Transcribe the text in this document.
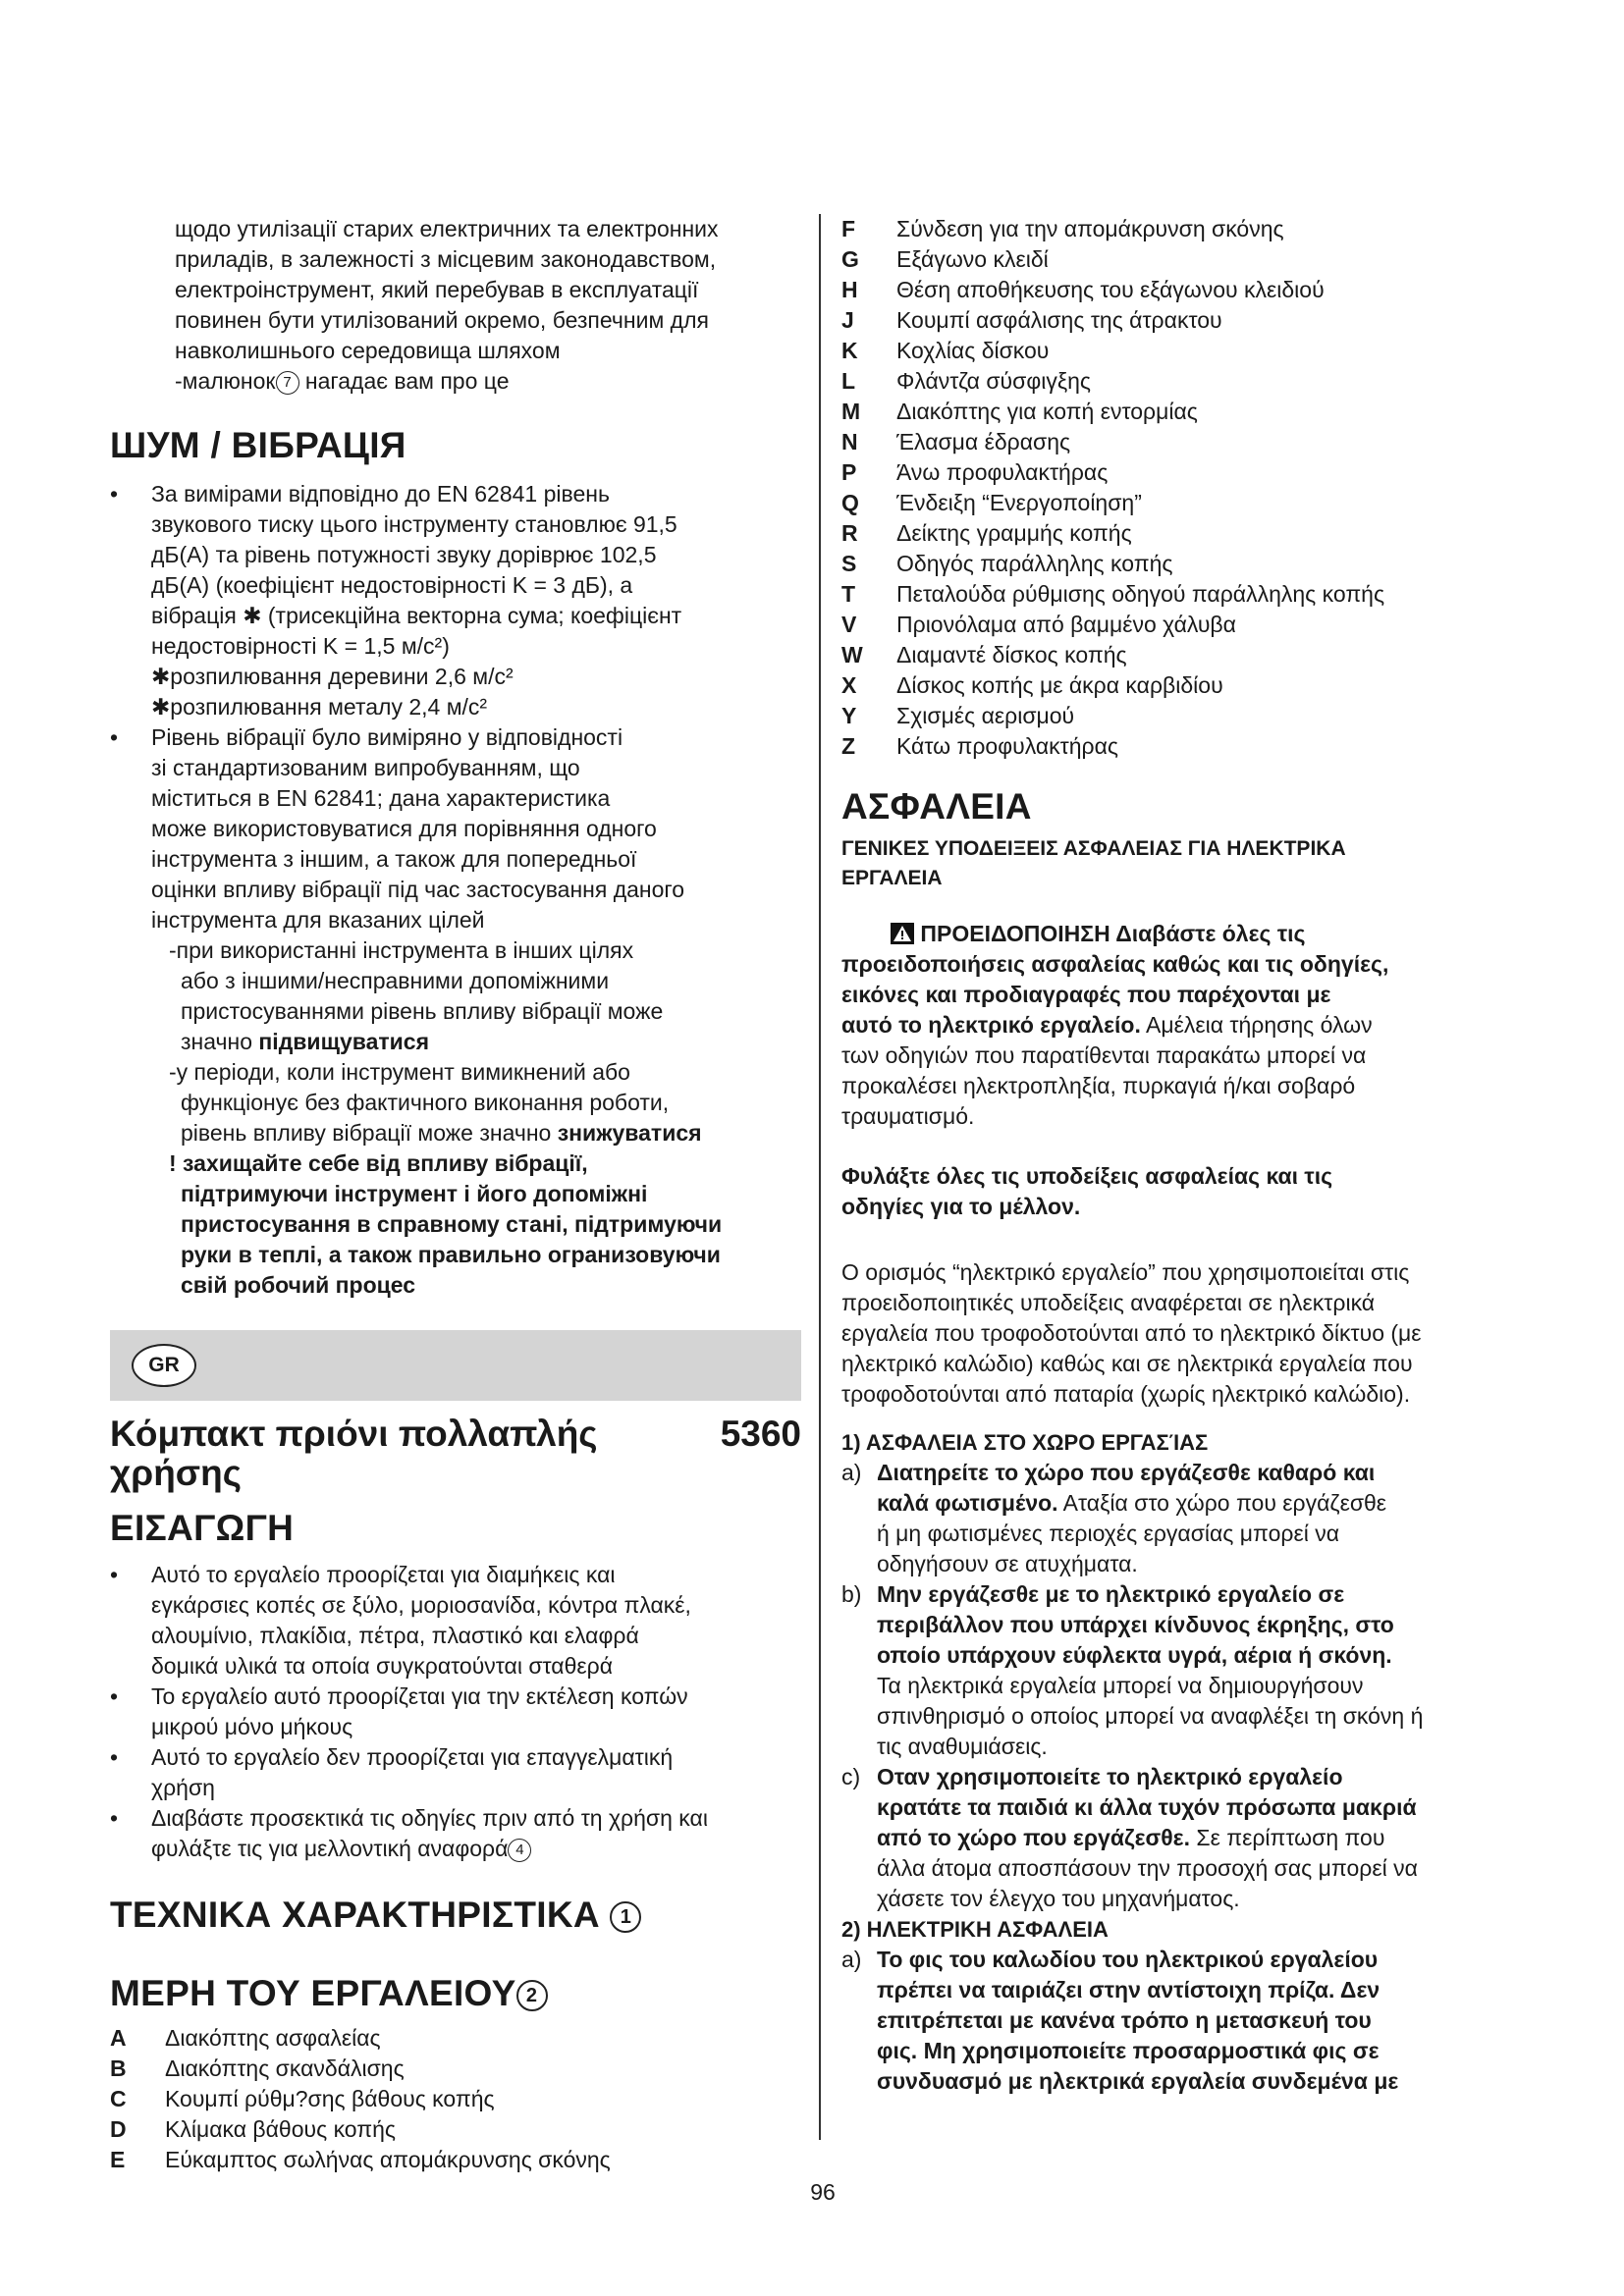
щодо утилізації старих електричних та електронних

приладів, в залежності з місцевим законодавством,

електроінструмент, який перебував в експлуатації

повинен бути утилізований окремо, безпечним для

навколишнього середовища шляхом

-малюнок 7 нагадає вам про це

ШУМ / ВІБРАЦІЯ

• За вимірами відповідно до EN 62841 рівень

звукового тиску цього інструменту становлює 91,5

дБ(A) та рівень потужності звуку доріврює 102,5

дБ(A) (коефіцієнт недостовірності K = 3 дБ), а

вібрація ✱ (трисекційна векторна сума; коефіцієнт

недостовірності K = 1,5 м/с²)

✱розпилювання деревини 2,6 м/с²

✱розпилювання металу 2,4 м/с²

• Рівень вібрації було виміряно у відповідності

зі стандартизованим випробуванням, що

міститься в EN 62841; дана характеристика

може використовуватися для порівняння одного

інструмента з іншим, а також для попередньої

оцінки впливу вібрації під час застосування даного

інструмента для вказаних цілей

-при використанні інструмента в інших цілях

або з іншими/несправними допоміжними

пристосуваннями рівень впливу вібрації може

значно підвищуватися

-у періоди, коли інструмент вимикнений або

функціонує без фактичного виконання роботи,

рівень впливу вібрації може значно знижуватися

! захищайте себе від впливу вібрації,

підтримуючи інструмент і його допоміжні

пристосування в справному стані, підтримуючи

руки в теплі, а також правильно огранизовуючи

свій робочий процес

GR
Κόμπακτ πριόνι πολλαπλής
χρήσης
5360
ΕΙΣΑΓΩΓΗ

• Αυτό το εργαλείο προορίζεται για διαμήκεις και

εγκάρσιες κοπές σε ξύλο, μοριοσανίδα, κόντρα πλακέ,

αλουμίνιο, πλακίδια, πέτρα, πλαστικό και ελαφρά

δομικά υλικά τα οποία συγκρατούνται σταθερά

• Το εργαλείο αυτό προορίζεται για την εκτέλεση κοπών

μικρού μόνο μήκους

• Αυτό το εργαλείο δεν προορίζεται για επαγγελματική

χρήση

• Διαβάστε προσεκτικά τις οδηγίες πριν από τη χρήση και

φυλάξτε τις για μελλοντική αναφορά 4

ΤΕΧΝΙΚΑ ΧΑΡΑΚΤΗΡΙΣΤΙΚΑ 1
ΜΕΡΗ ΤΟΥ ΕΡΓΑΛΕΙΟΥ 2
A	Διακόπτης ασφαλείας
B	Διακόπτης σκανδάλισης
C	Κουμπί ρύθμ?σης βάθους κοπής
D	Κλίμακα βάθους κοπής
E	Εύκαμπτος σωλήνας απομάκρυνσης σκόνης
F	Σύνδεση για την απομάκρυνση σκόνης
G	Εξάγωνο κλειδί
H	Θέση αποθήκευσης του εξάγωνου κλειδιού
J	Κουμπί ασφάλισης της άτρακτου
K	Κοχλίας δίσκου
L	Φλάντζα σύσφιγξης
M	Διακόπτης για κοπή εντορμίας
N	Έλασμα έδρασης
P	Άνω προφυλακτήρας
Q	Ένδειξη “Ενεργοποίηση”
R	Δείκτης γραμμής κοπής
S	Οδηγός παράλληλης κοπής
T	Πεταλούδα ρύθμισης οδηγού παράλληλης κοπής
V	Πριονόλαμα από βαμμένο χάλυβα
W	Διαμαντέ δίσκος κοπής
X	Δίσκος κοπής με άκρα καρβιδίου
Y	Σχισμές αερισμού
Z	Κάτω προφυλακτήρας
ΑΣΦΑΛΕΙΑ
ΓΕΝΙΚΕΣ ΥΠΟΔΕΙΞΕΙΣ ΑΣΦΑΛΕΙΑΣ ΓΙΑ ΗΛΕΚΤΡΙΚΑ
ΕΡΓΑΛΕΙΑ

ΠΡΟΕΙΔΟΠΟΙΗΣΗ Διαβάστε όλες τις

προειδοποιήσεις ασφαλείας καθώς και τις οδηγίες,

εικόνες και προδιαγραφές που παρέχονται με

αυτό το ηλεκτρικό εργαλείο. Αμέλεια τήρησης όλων

των οδηγιών που παρατίθενται παρακάτω μπορεί να

προκαλέσει ηλεκτροπληξία, πυρκαγιά ή/και σοβαρό

τραυματισμό.

Φυλάξτε όλες τις υποδείξεις ασφαλείας και τις

οδηγίες για το μέλλον.

Ο ορισμός “ηλεκτρικό εργαλείο” που χρησιμοποιείται στις

προειδοποιητικές υποδείξεις αναφέρεται σε ηλεκτρικά

εργαλεία που τροφοδοτούνται από το ηλεκτρικό δίκτυο (με

ηλεκτρικό καλώδιο) καθώς και σε ηλεκτρικά εργαλεία που

τροφοδοτούνται από παταρία (χωρίς ηλεκτρικό καλώδιο).

1) ΑΣΦΑΛΕΙΑ ΣΤΟ ΧΩΡΟ ΕΡΓΑΣΊΑΣ
a) Διατηρείτε το χώρο που εργάζεσθε καθαρό και

καλά φωτισμένο. Αταξία στο χώρο που εργάζεσθε

ή μη φωτισμένες περιοχές εργασίας μπορεί να

οδηγήσουν σε ατυχήματα.

b) Μην εργάζεσθε με το ηλεκτρικό εργαλείο σε

περιβάλλον που υπάρχει κίνδυνος έκρηξης, στο

οποίο υπάρχουν εύφλεκτα υγρά, αέρια ή σκόνη.

Τα ηλεκτρικά εργαλεία μπορεί να δημιουργήσουν

σπινθηρισμό ο οποίος μπορεί να αναφλέξει τη σκόνη ή

τις αναθυμιάσεις.

c) Οταν χρησιμοποιείτε το ηλεκτρικό εργαλείο

κρατάτε τα παιδιά κι άλλα τυχόν πρόσωπα μακριά

από το χώρο που εργάζεσθε. Σε περίπτωση που

άλλα άτομα αποσπάσουν την προσοχή σας μπορεί να

χάσετε τον έλεγχο του μηχανήματος.

2) ΗΛΕΚΤΡΙΚΗ ΑΣΦΑΛΕΙΑ
a) Το φις του καλωδίου του ηλεκτρικού εργαλείου

πρέπει να ταιριάζει στην αντίστοιχη πρίζα. Δεν

επιτρέπεται με κανένα τρόπο η μετασκευή του

φις. Μη χρησιμοποιείτε προσαρμοστικά φις σε

συνδυασμό με ηλεκτρικά εργαλεία συνδεμένα με

96
